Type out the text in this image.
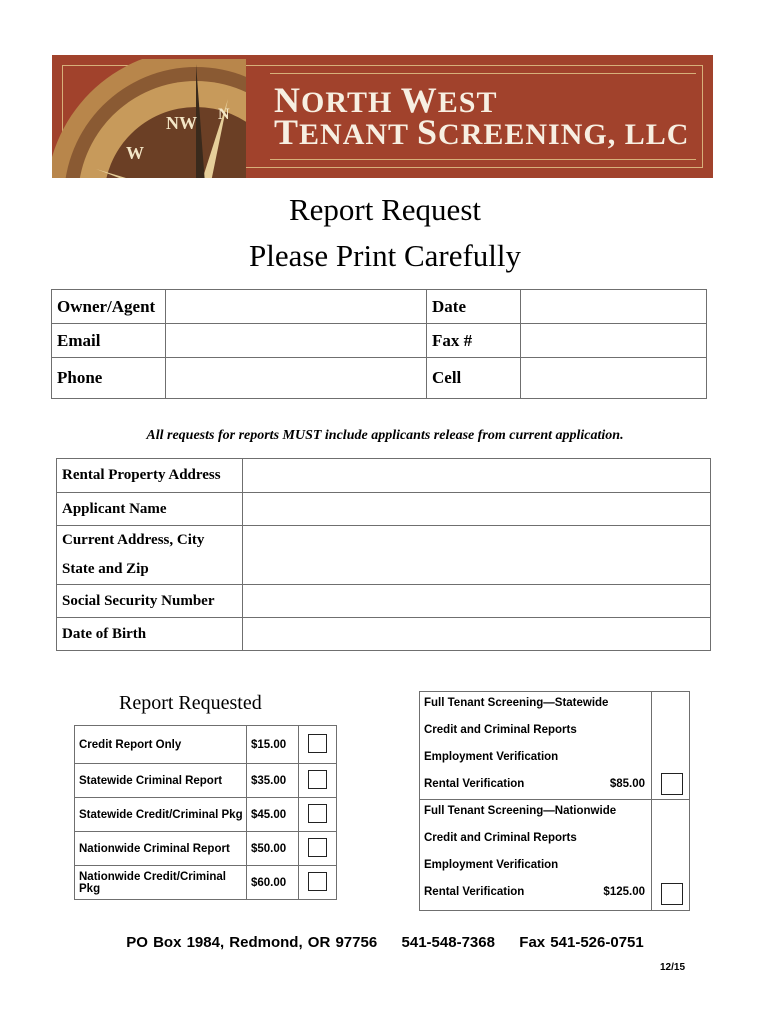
NW N
W
NORTH WEST
TENANT SCREENING, LLC
Report Request
Please Print Carefully
Owner/Agent		Date	
Email		Fax #	
Phone		Cell	
All requests for reports MUST include applicants release from current application.
Rental Property Address	
Applicant Name	

Current Address, City
State and Zip	

Social Security Number	
Date of Birth	
Report Requested
Credit Report Only	$15.00	
Statewide Criminal Report	$35.00	
Statewide Credit/Criminal Pkg	$45.00	
Nationwide Criminal Report	$50.00	
Nationwide Credit/Criminal Pkg	$60.00	
Full Tenant Screening—Statewide
Credit and Criminal Reports
Employment Verification
Rental Verification	$85.00
Full Tenant Screening—Nationwide
Credit and Criminal Reports
Employment Verification
Rental Verification	$125.00
PO Box 1984, Redmond, OR 97756 541-548-7368 Fax 541-526-0751
12/15
